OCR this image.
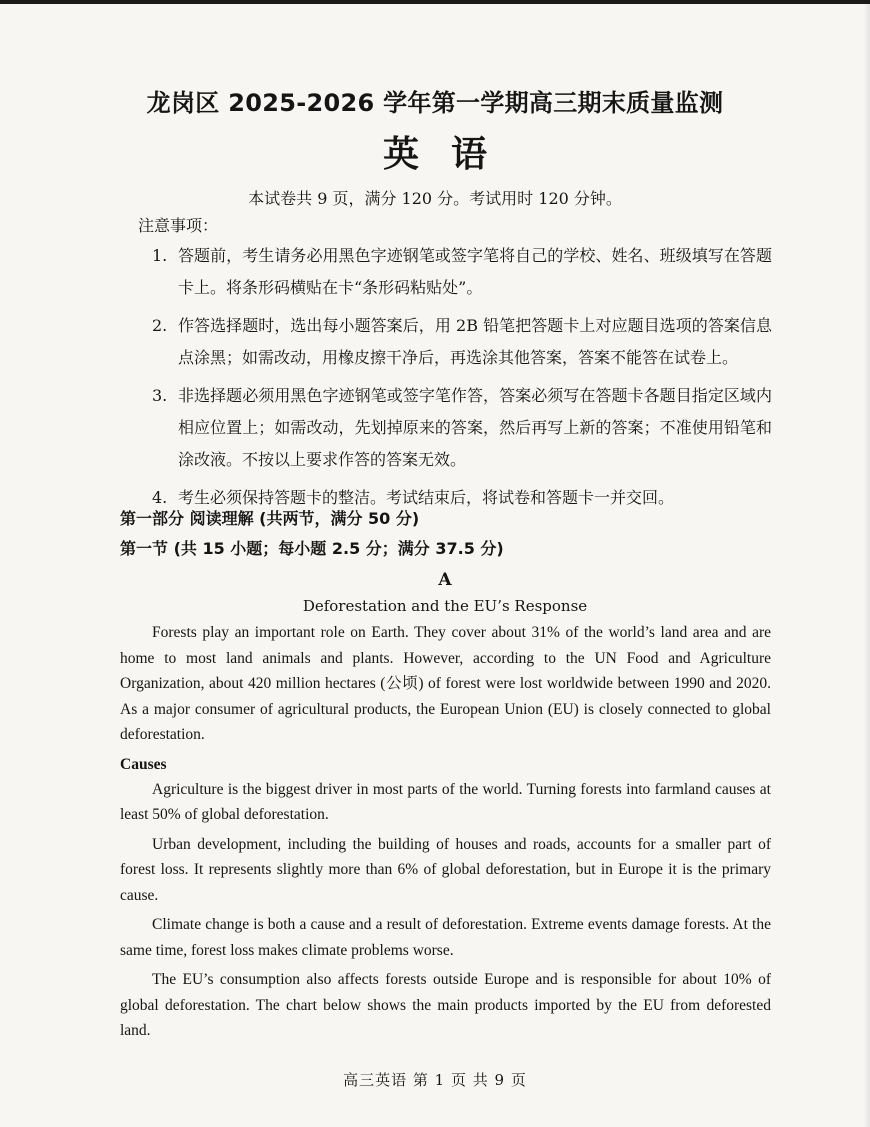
龙岗区 2025-2026 学年第一学期高三期末质量监测
英语
本试卷共 9 页，满分 120 分。考试用时 120 分钟。
注意事项：
1. 答题前，考生请务必用黑色字迹钢笔或签字笔将自己的学校、姓名、班级填写在答题卡上。将条形码横贴在卡“条形码粘贴处”。
2. 作答选择题时，选出每小题答案后，用 2B 铅笔把答题卡上对应题目选项的答案信息点涂黑；如需改动，用橡皮擦干净后，再选涂其他答案，答案不能答在试卷上。
3. 非选择题必须用黑色字迹钢笔或签字笔作答，答案必须写在答题卡各题目指定区域内相应位置上；如需改动，先划掉原来的答案，然后再写上新的答案；不准使用铅笔和涂改液。不按以上要求作答的答案无效。
4. 考生必须保持答题卡的整洁。考试结束后，将试卷和答题卡一并交回。
第一部分 阅读理解 (共两节，满分 50 分)
第一节 (共 15 小题；每小题 2.5 分；满分 37.5 分)
A
Deforestation and the EU’s Response

Forests play an important role on Earth. They cover about 31% of the world’s land area and are home to most land animals and plants. However, according to the UN Food and Agriculture Organization, about 420 million hectares (公顷) of forest were lost worldwide between 1990 and 2020. As a major consumer of agricultural products, the European Union (EU) is closely connected to global deforestation.

Causes

Agriculture is the biggest driver in most parts of the world. Turning forests into farmland causes at least 50% of global deforestation.

Urban development, including the building of houses and roads, accounts for a smaller part of forest loss. It represents slightly more than 6% of global deforestation, but in Europe it is the primary cause.

Climate change is both a cause and a result of deforestation. Extreme events damage forests. At the same time, forest loss makes climate problems worse.

The EU’s consumption also affects forests outside Europe and is responsible for about 10% of global deforestation. The chart below shows the main products imported by the EU from deforested land.

高三英语 第 1 页 共 9 页
